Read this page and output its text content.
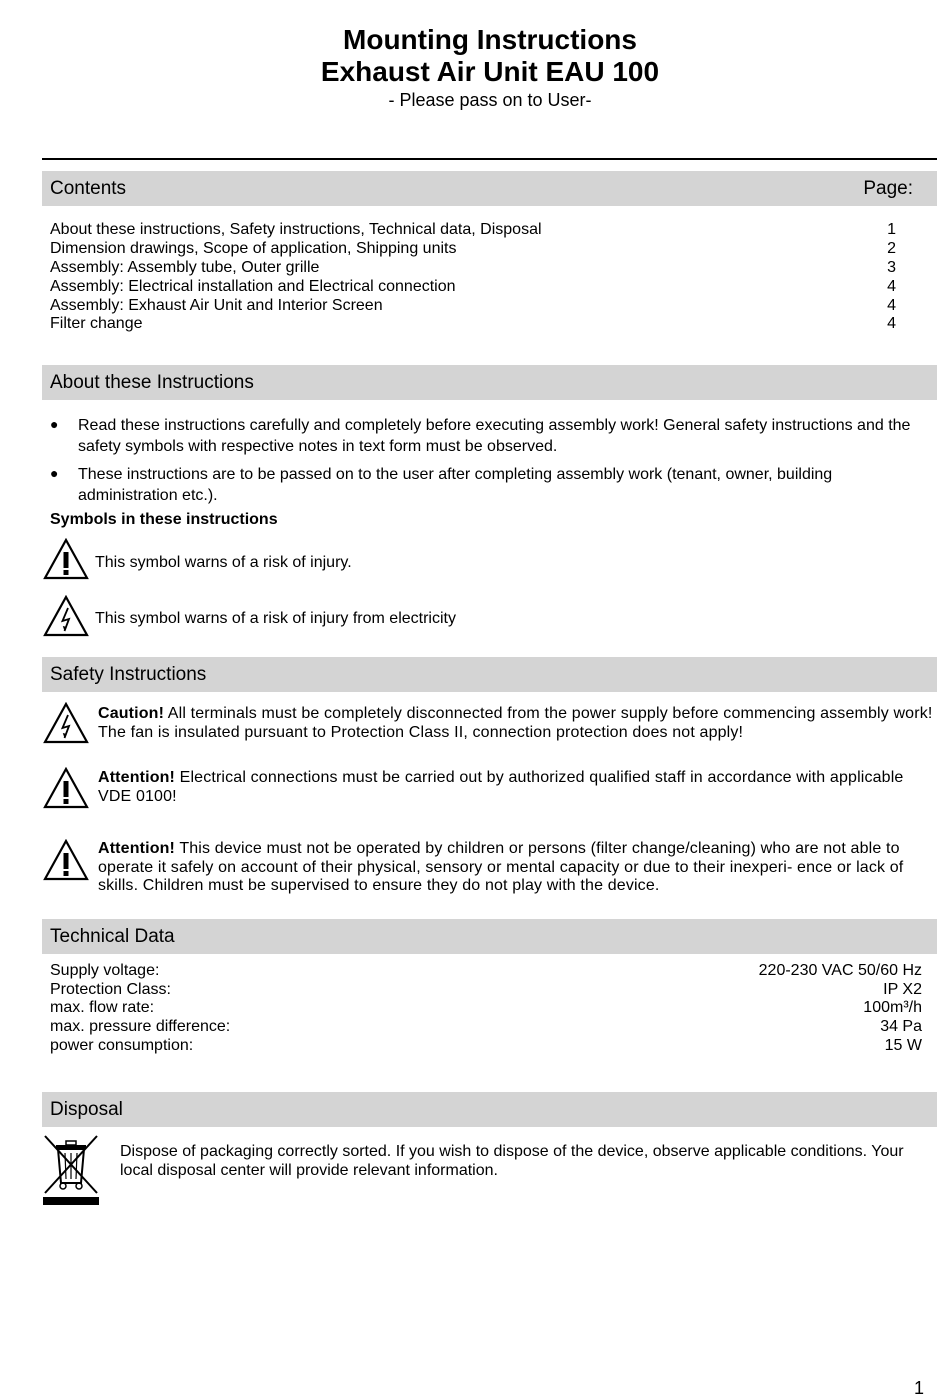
Mounting Instructions
Exhaust Air Unit EAU 100
- Please pass on to User-
Contents	Page:
About these instructions, Safety instructions, Technical data, Disposal	1
Dimension drawings, Scope of application, Shipping units	2
Assembly: Assembly tube, Outer grille	3
Assembly: Electrical installation and Electrical connection	4
Assembly: Exhaust Air Unit and Interior Screen	4
Filter change	4
About these Instructions
● Read these instructions carefully and completely before executing assembly work! General safety instructions and the safety symbols with respective notes in text form must be observed.
● These instructions are to be passed on to the user after completing assembly work (tenant, owner, building administration etc.).
Symbols in these instructions
This symbol warns of a risk of injury.
This symbol warns of a risk of injury from electricity
Safety Instructions
Caution! All terminals must be completely disconnected from the power supply before commencing assembly work! The fan is insulated pursuant to Protection Class II, connection protection does not apply!
Attention! Electrical connections must be carried out by authorized qualified staff in accordance with applicable VDE 0100!
Attention! This device must not be operated by children or persons (filter change/cleaning) who are not able to operate it safely on account of their physical, sensory or mental capacity or due to their inexperi- ence or lack of skills. Children must be supervised to ensure they do not play with the device.
Technical Data
Supply voltage:	220-230 VAC 50/60 Hz
Protection Class:	IP X2
max. flow rate:	100m³/h
max. pressure difference:	34 Pa
power consumption:	15 W
Disposal
Dispose of packaging correctly sorted. If you wish to dispose of the device, observe applicable conditions. Your local disposal center will provide relevant information.
1
